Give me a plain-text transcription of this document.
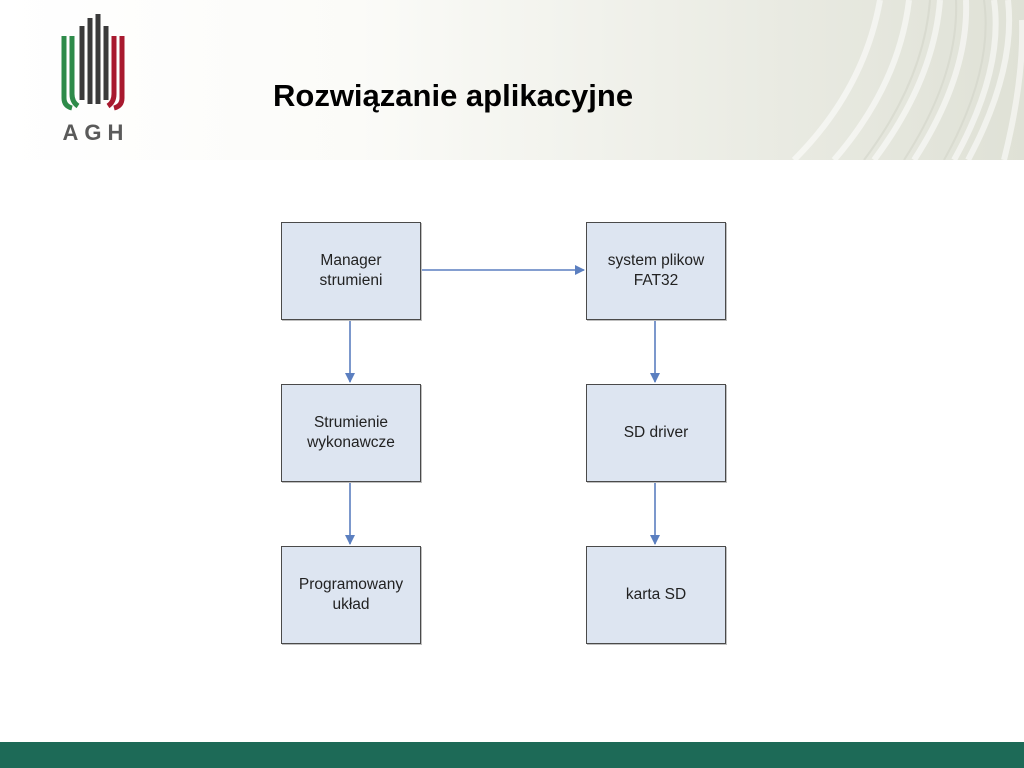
AGH
Rozwiązanie aplikacyjne
Manager strumieni
Strumienie wykonawcze
Programowany układ
system plikow FAT32
SD driver
karta SD
